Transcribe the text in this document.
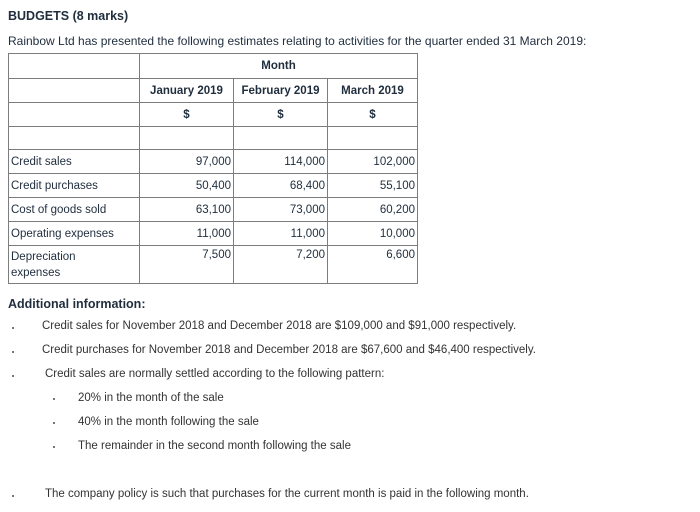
BUDGETS (8 marks)
Rainbow Ltd has presented the following estimates relating to activities for the quarter ended 31 March 2019:
	Month		
	January 2019	February 2019	March 2019
	$	$	$

Credit sales	97,000	114,000	102,000
Credit purchases	50,400	68,400	55,100
Cost of goods sold	63,100	73,000	60,200
Operating expenses	11,000	11,000	10,000

Depreciation
expenses	7,500	7,200	6,600
Additional information:
Credit sales for November 2018 and December 2018 are $109,000 and $91,000 respectively.
Credit purchases for November 2018 and December 2018 are $67,600 and $46,400 respectively.
Credit sales are normally settled according to the following pattern:
20% in the month of the sale
40% in the month following the sale
The remainder in the second month following the sale
The company policy is such that purchases for the current month is paid in the following month.
